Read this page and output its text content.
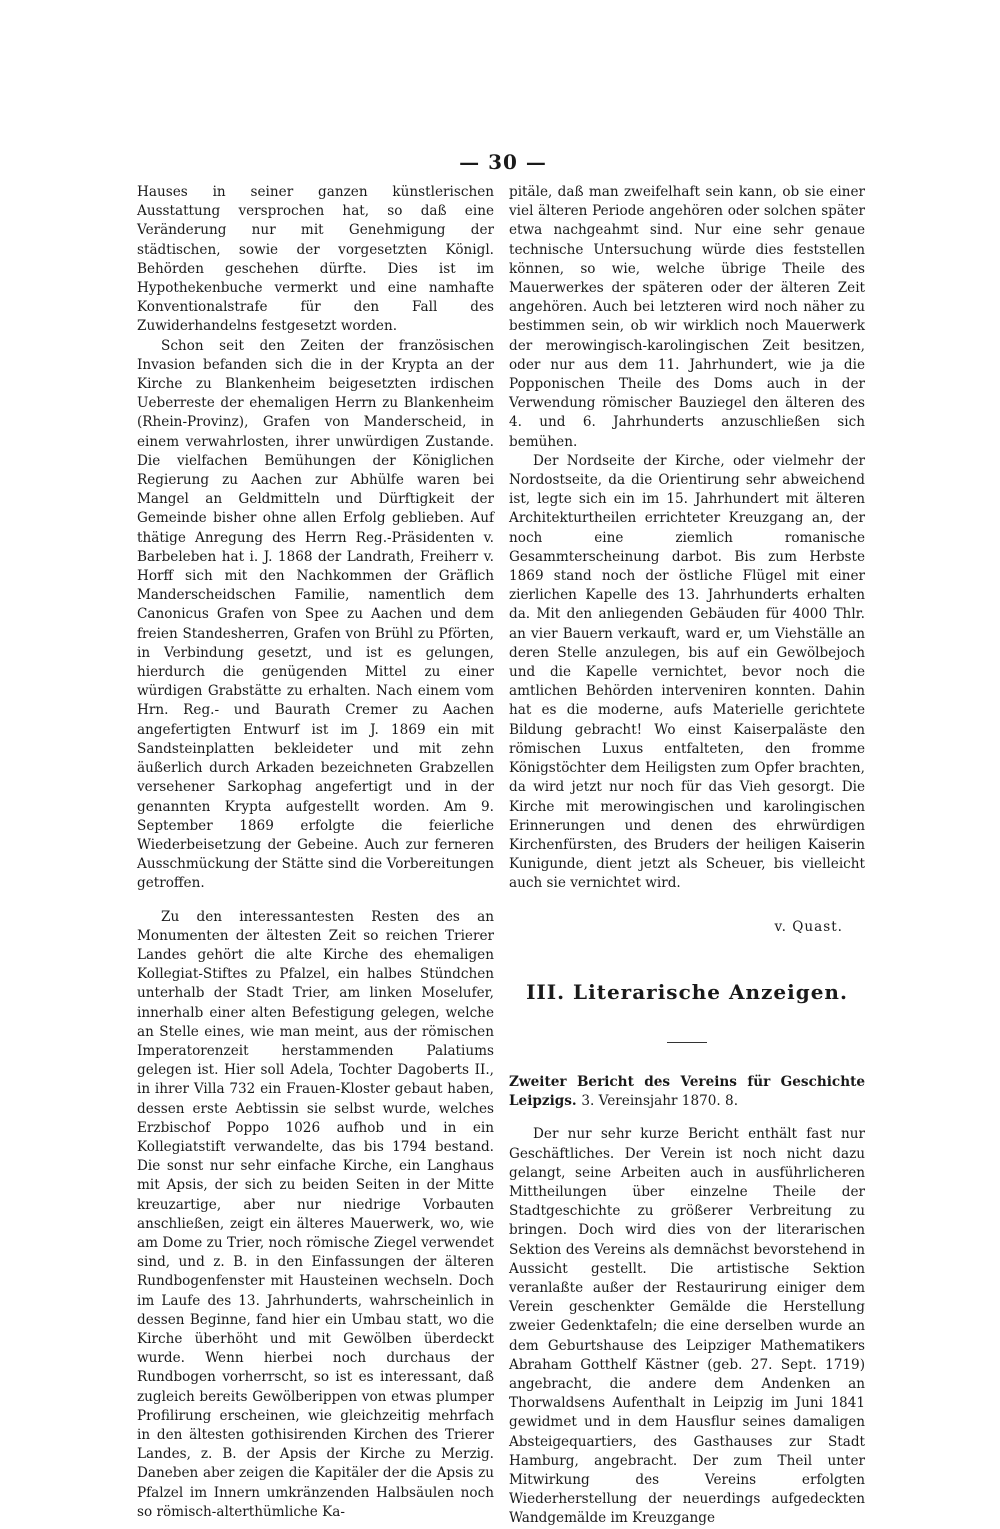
— 30 —

Hauses in seiner ganzen künstlerischen Ausstattung versprochen hat, so daß eine Veränderung nur mit Genehmigung der städtischen, sowie der vorgesetzten Königl. Behörden geschehen dürfte. Dies ist im Hypothekenbuche vermerkt und eine namhafte Konventionalstrafe für den Fall des Zuwiderhandelns festgesetzt worden.

Schon seit den Zeiten der französischen Invasion befanden sich die in der Krypta an der Kirche zu Blankenheim beigesetzten irdischen Ueberreste der ehemaligen Herrn zu Blankenheim (Rhein-Provinz), Grafen von Manderscheid, in einem verwahrlosten, ihrer unwürdigen Zustande. Die vielfachen Bemühungen der Königlichen Regierung zu Aachen zur Abhülfe waren bei Mangel an Geldmitteln und Dürftigkeit der Gemeinde bisher ohne allen Erfolg geblieben. Auf thätige Anregung des Herrn Reg.-Präsidenten v. Barbeleben hat i. J. 1868 der Landrath, Freiherr v. Horff sich mit den Nachkommen der Gräflich Manderscheidschen Familie, namentlich dem Canonicus Grafen von Spee zu Aachen und dem freien Standesherren, Grafen von Brühl zu Pförten, in Verbindung gesetzt, und ist es gelungen, hierdurch die genügenden Mittel zu einer würdigen Grabstätte zu erhalten. Nach einem vom Hrn. Reg.- und Baurath Cremer zu Aachen angefertigten Entwurf ist im J. 1869 ein mit Sandsteinplatten bekleideter und mit zehn äußerlich durch Arkaden bezeichneten Grabzellen versehener Sarkophag angefertigt und in der genannten Krypta aufgestellt worden. Am 9. September 1869 erfolgte die feierliche Wiederbeisetzung der Gebeine. Auch zur ferneren Ausschmückung der Stätte sind die Vorbereitungen getroffen.

Zu den interessantesten Resten des an Monumenten der ältesten Zeit so reichen Trierer Landes gehört die alte Kirche des ehemaligen Kollegiat-Stiftes zu Pfalzel, ein halbes Stündchen unterhalb der Stadt Trier, am linken Moselufer, innerhalb einer alten Befestigung gelegen, welche an Stelle eines, wie man meint, aus der römischen Imperatorenzeit herstammenden Palatiums gelegen ist. Hier soll Adela, Tochter Dagoberts II., in ihrer Villa 732 ein Frauen-Kloster gebaut haben, dessen erste Aebtissin sie selbst wurde, welches Erzbischof Poppo 1026 aufhob und in ein Kollegiatstift verwandelte, das bis 1794 bestand. Die sonst nur sehr einfache Kirche, ein Langhaus mit Apsis, der sich zu beiden Seiten in der Mitte kreuzartige, aber nur niedrige Vorbauten anschließen, zeigt ein älteres Mauerwerk, wo, wie am Dome zu Trier, noch römische Ziegel verwendet sind, und z. B. in den Einfassungen der älteren Rundbogenfenster mit Hausteinen wechseln. Doch im Laufe des 13. Jahrhunderts, wahrscheinlich in dessen Beginne, fand hier ein Umbau statt, wo die Kirche überhöht und mit Gewölben überdeckt wurde. Wenn hierbei noch durchaus der Rundbogen vorherrscht, so ist es interessant, daß zugleich bereits Gewölberippen von etwas plumper Profilirung erscheinen, wie gleichzeitig mehrfach in den ältesten gothisirenden Kirchen des Trierer Landes, z. B. der Apsis der Kirche zu Merzig. Daneben aber zeigen die Kapitäler der die Apsis zu Pfalzel im Innern umkränzenden Halbsäulen noch so römisch-alterthümliche Ka-

pitäle, daß man zweifelhaft sein kann, ob sie einer viel älteren Periode angehören oder solchen später etwa nachgeahmt sind. Nur eine sehr genaue technische Untersuchung würde dies feststellen können, so wie, welche übrige Theile des Mauerwerkes der späteren oder der älteren Zeit angehören. Auch bei letzteren wird noch näher zu bestimmen sein, ob wir wirklich noch Mauerwerk der merowingisch-karolingischen Zeit besitzen, oder nur aus dem 11. Jahrhundert, wie ja die Popponischen Theile des Doms auch in der Verwendung römischer Bauziegel den älteren des 4. und 6. Jahrhunderts anzuschließen sich bemühen.

Der Nordseite der Kirche, oder vielmehr der Nordostseite, da die Orientirung sehr abweichend ist, legte sich ein im 15. Jahrhundert mit älteren Architekturtheilen errichteter Kreuzgang an, der noch eine ziemlich romanische Gesammterscheinung darbot. Bis zum Herbste 1869 stand noch der östliche Flügel mit einer zierlichen Kapelle des 13. Jahrhunderts erhalten da. Mit den anliegenden Gebäuden für 4000 Thlr. an vier Bauern verkauft, ward er, um Viehställe an deren Stelle anzulegen, bis auf ein Gewölbejoch und die Kapelle vernichtet, bevor noch die amtlichen Behörden interveniren konnten. Dahin hat es die moderne, aufs Materielle gerichtete Bildung gebracht! Wo einst Kaiserpaläste den römischen Luxus entfalteten, den fromme Königstöchter dem Heiligsten zum Opfer brachten, da wird jetzt nur noch für das Vieh gesorgt. Die Kirche mit merowingischen und karolingischen Erinnerungen und denen des ehrwürdigen Kirchenfürsten, des Bruders der heiligen Kaiserin Kunigunde, dient jetzt als Scheuer, bis vielleicht auch sie vernichtet wird.

v. Quast.
III. Literarische Anzeigen.

Zweiter Bericht des Vereins für Geschichte Leipzigs. 3. Vereinsjahr 1870. 8.

Der nur sehr kurze Bericht enthält fast nur Geschäftliches. Der Verein ist noch nicht dazu gelangt, seine Arbeiten auch in ausführlicheren Mittheilungen über einzelne Theile der Stadtgeschichte zu größerer Verbreitung zu bringen. Doch wird dies von der literarischen Sektion des Vereins als demnächst bevorstehend in Aussicht gestellt. Die artistische Sektion veranlaßte außer der Restaurirung einiger dem Verein geschenkter Gemälde die Herstellung zweier Gedenktafeln; die eine derselben wurde an dem Geburtshause des Leipziger Mathematikers Abraham Gotthelf Kästner (geb. 27. Sept. 1719) angebracht, die andere dem Andenken an Thorwaldsens Aufenthalt in Leipzig im Juni 1841 gewidmet und in dem Hausflur seines damaligen Absteigequartiers, des Gasthauses zur Stadt Hamburg, angebracht. Der zum Theil unter Mitwirkung des Vereins erfolgten Wiederherstellung der neuerdings aufgedeckten Wandgemälde im Kreuzgange
